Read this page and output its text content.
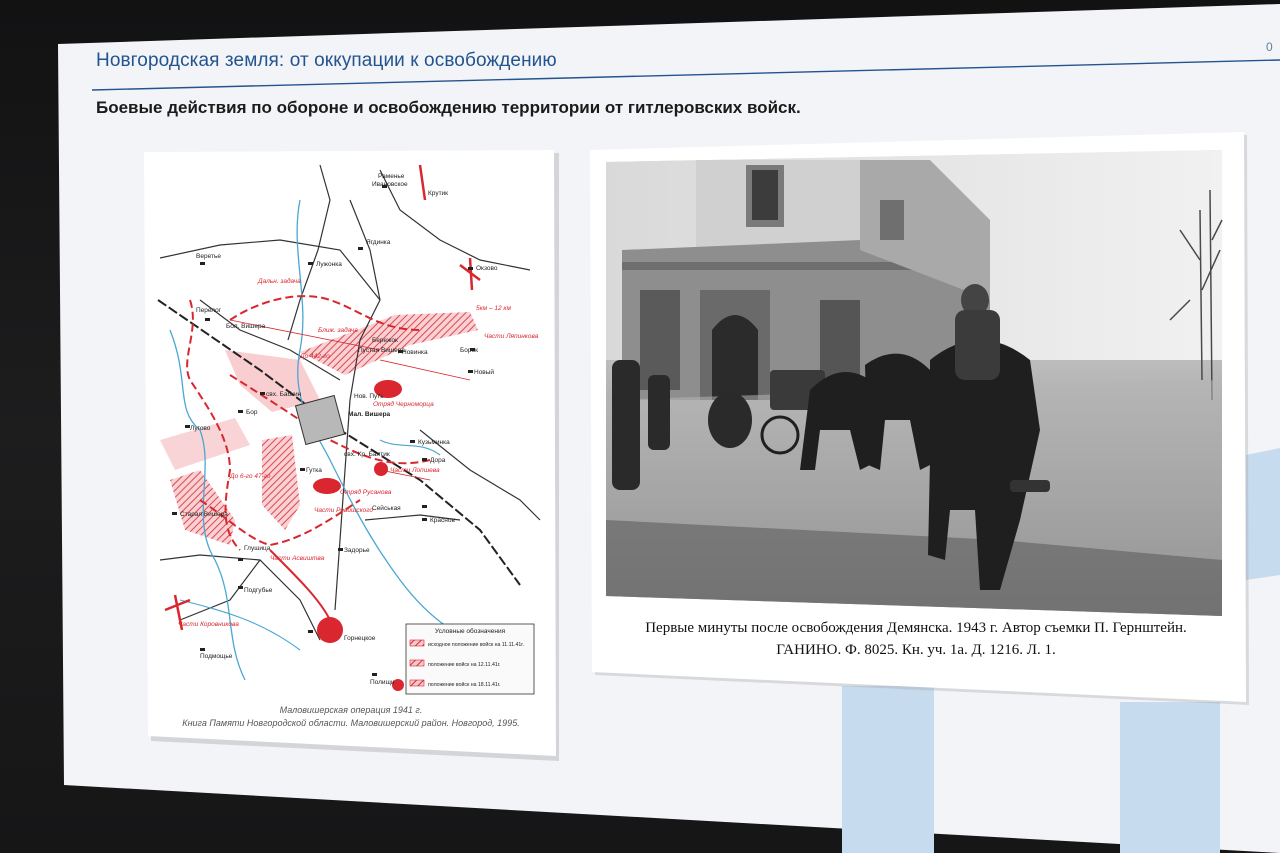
Раменье
Ивановское
Крутик
Ягдинка
Веретье
Лужонка
Окзово
Бол. Вишера
Бережок
Новинка	Борок
Пустая Вишера
Мал. Вишера
Новый
Нов. Путь
свх. Бабкин
Бор
Кузьминка
свх. Кр. Балтик
Гутка
Дора
Сейськая
Краснов
Глушица	Задорье
Подгубье
Горнецкое
Подмощье
Полищи
Старая Вишера
Лугово
Перелог
Дальн. задача
Ближ. задача
Части Ляпинкова
Отряд Черноморца
Части Лопшева
Отряд Русанова
Части Ровишского
Части Асвиштва
Части Коровникова
До 442-го
До 6-го 47-го
5км – 12 км
Условные обозначения
исходное положение войск на 11.11.41г.
положение войск на 12.11.41г.
положение войск на 18.11.41г.
Новгородская земля: от оккупации к освобождению
Боевые действия по обороне и освобождению территории от гитлеровских войск.
0
Маловишерская операция 1941 г.
Книга Памяти Новгородской области. Маловишерский район. Новгород, 1995.
Первые минуты после освобождения Демянска. 1943 г. Автор съемки П. Гернштейн.
ГАНИНО. Ф. 8025. Кн. уч. 1а. Д. 1216. Л. 1.
